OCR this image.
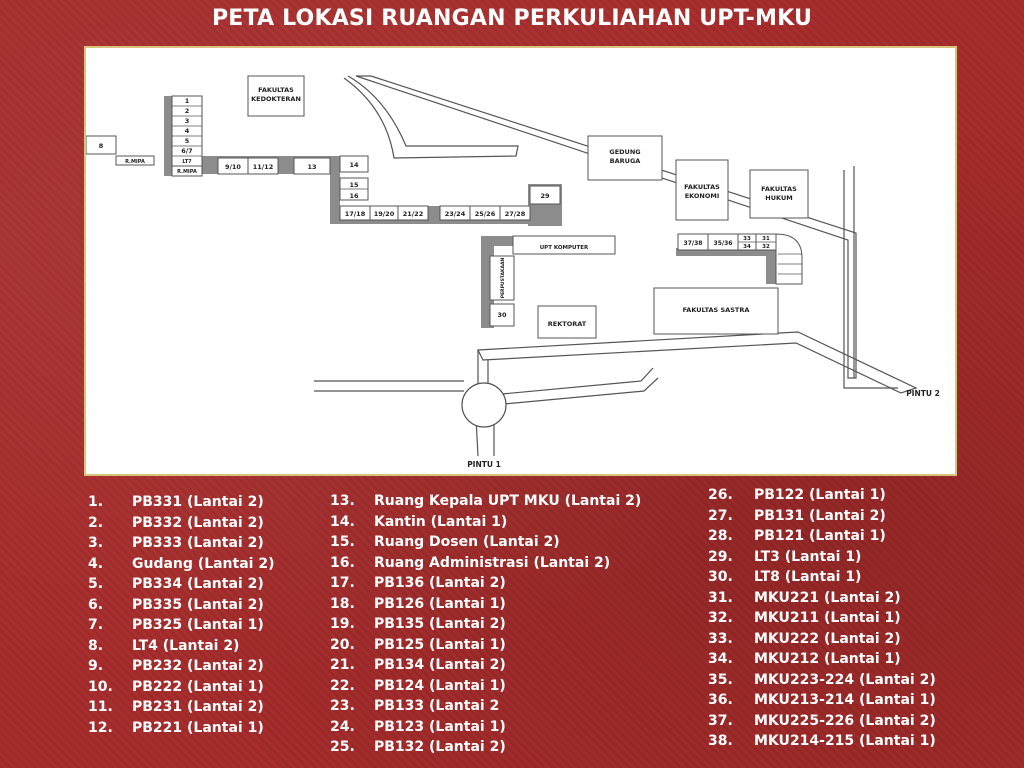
PETA LOKASI RUANGAN PERKULIAHAN UPT-MKU
1
2
3
4
5
6/7
LT7
R.MIPA
8
R.MIPA
9/10 11/12	13	14
15
16
17/18 19/20 21/22	23/24 25/26 27/28
29
30
37/38 35/36
33
34
31
32
FAKULTAS
KEDOKTERAN
GEDUNG
BARUGA
FAKULTAS
EKONOMI
FAKULTAS
HUKUM
FAKULTAS SASTRA
UPT KOMPUTER
REKTORAT
PERPUSTAKAAN
PINTU 1
PINTU 2
1. PB331 (Lantai 2)
2. PB332 (Lantai 2)
3. PB333 (Lantai 2)
4. Gudang (Lantai 2)
5. PB334 (Lantai 2)
6. PB335 (Lantai 2)
7. PB325 (Lantai 1)
8. LT4 (Lantai 2)
9. PB232 (Lantai 2)
10. PB222 (Lantai 1)
11. PB231 (Lantai 2)
12. PB221 (Lantai 1)
13. Ruang Kepala UPT MKU (Lantai 2)
14. Kantin (Lantai 1)
15. Ruang Dosen (Lantai 2)
16. Ruang Administrasi (Lantai 2)
17. PB136 (Lantai 2)
18. PB126 (Lantai 1)
19. PB135 (Lantai 2)
20. PB125 (Lantai 1)
21. PB134 (Lantai 2)
22. PB124 (Lantai 1)
23. PB133 (Lantai 2
24. PB123 (Lantai 1)
25. PB132 (Lantai 2)
26. PB122 (Lantai 1)
27. PB131 (Lantai 2)
28. PB121 (Lantai 1)
29. LT3 (Lantai 1)
30. LT8 (Lantai 1)
31. MKU221 (Lantai 2)
32. MKU211 (Lantai 1)
33. MKU222 (Lantai 2)
34. MKU212 (Lantai 1)
35. MKU223-224 (Lantai 2)
36. MKU213-214 (Lantai 1)
37. MKU225-226 (Lantai 2)
38. MKU214-215 (Lantai 1)
